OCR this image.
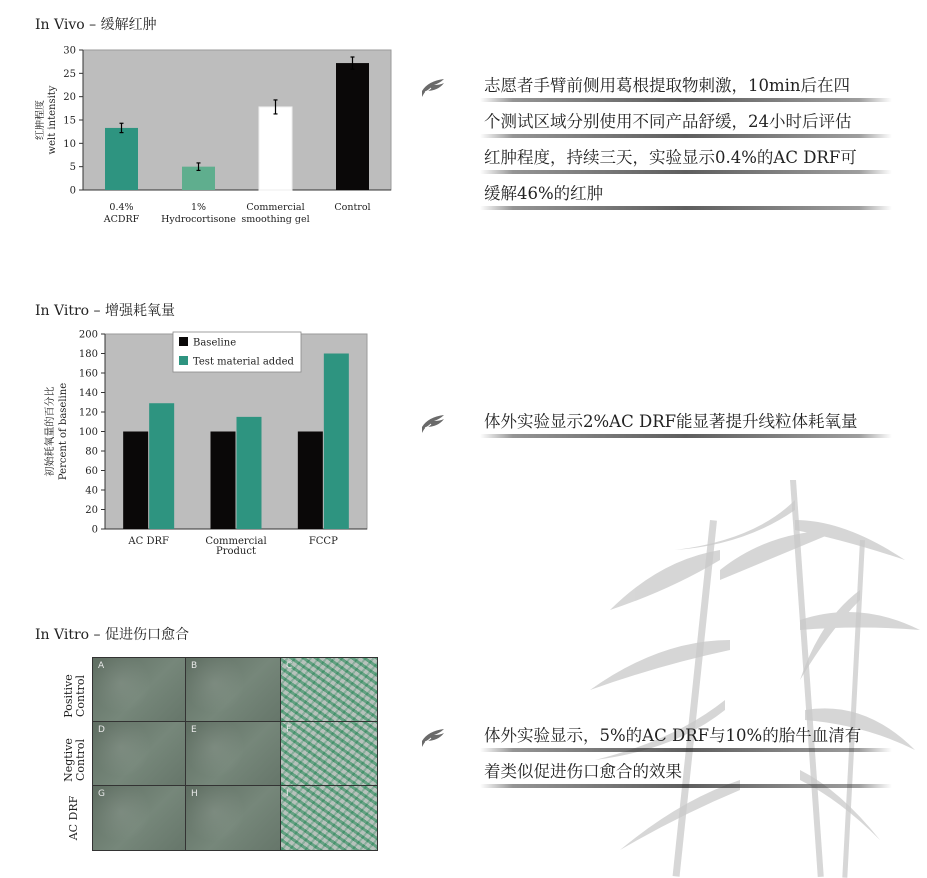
In Vivo – 缓解红肿
0
5
10
15
20
25
30
红肿程度welt intensity
0.4% ACDRF
1% Hydrocortisone
Commercial smoothing gel
Control
志愿者手臂前侧用葛根提取物刺激，10min后在四
个测试区域分别使用不同产品舒缓，24小时后评估
红肿程度，持续三天，实验显示0.4%的AC DRF可
缓解46%的红肿
In Vitro – 增强耗氧量
0
20
40
60
80
100
120
140
160
180
200
初始耗氧量的百分比 Percent of baseline
AC DRF	Commercial Product
FCCP
Baseline
Test material added
体外实验显示2%AC DRF能显著提升线粒体耗氧量
In Vitro – 促进伤口愈合
Positive
Control
Negtive
Control
AC DRF
A	B	C
D	E	F
G	H	I
体外实验显示，5%的AC DRF与10%的胎牛血清有
着类似促进伤口愈合的效果
